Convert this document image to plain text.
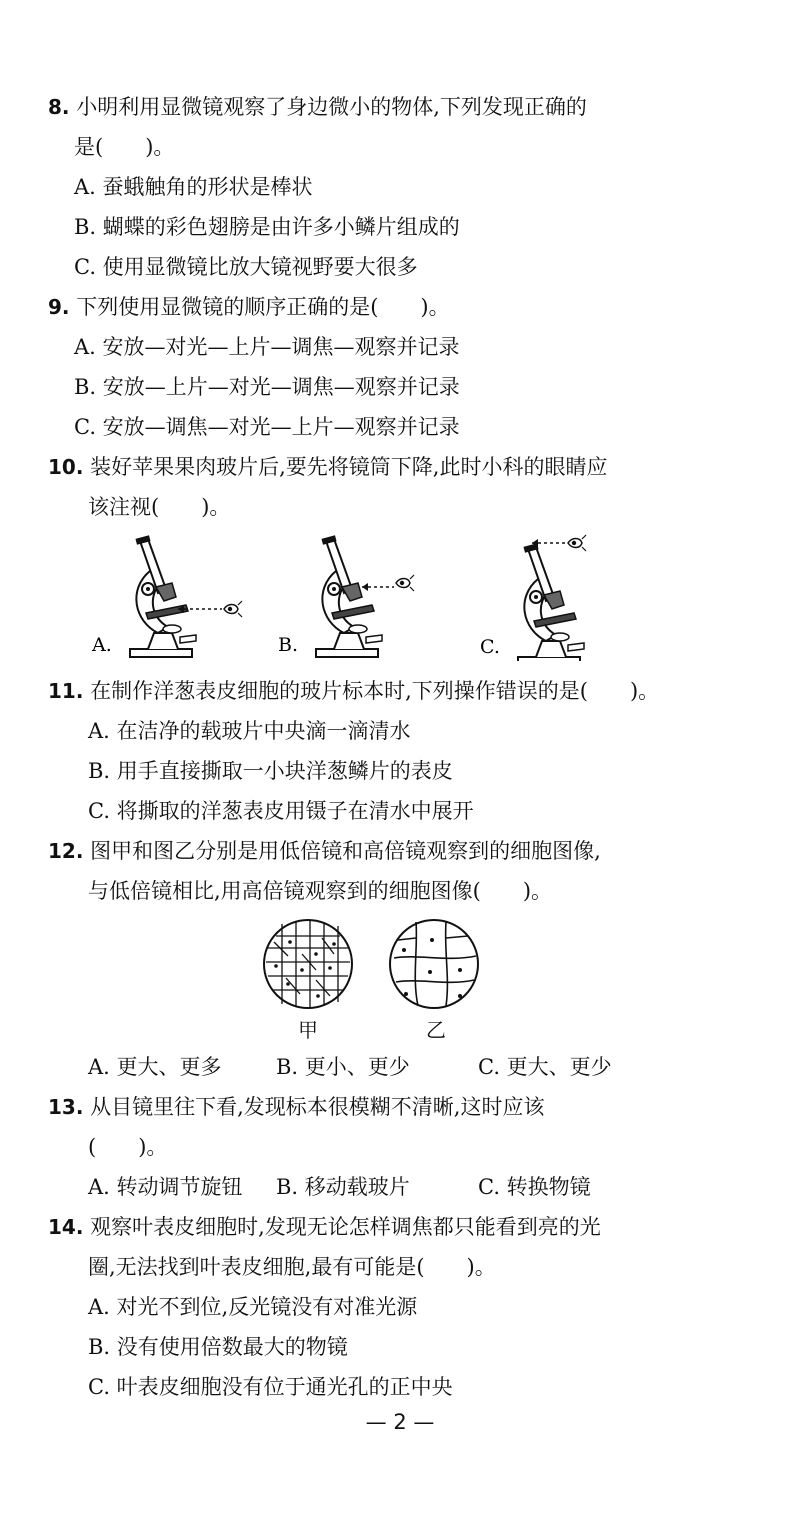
8. 小明利用显微镜观察了身边微小的物体,下列发现正确的
是(　　)。
A. 蚕蛾触角的形状是棒状
B. 蝴蝶的彩色翅膀是由许多小鳞片组成的
C. 使用显微镜比放大镜视野要大很多
9. 下列使用显微镜的顺序正确的是(　　)。
A. 安放—对光—上片—调焦—观察并记录
B. 安放—上片—对光—调焦—观察并记录
C. 安放—调焦—对光—上片—观察并记录
10. 装好苹果果肉玻片后,要先将镜筒下降,此时小科的眼睛应
该注视(　　)。
A.	B.	C.
11. 在制作洋葱表皮细胞的玻片标本时,下列操作错误的是(　　)。
A. 在洁净的载玻片中央滴一滴清水
B. 用手直接撕取一小块洋葱鳞片的表皮
C. 将撕取的洋葱表皮用镊子在清水中展开
12. 图甲和图乙分别是用低倍镜和高倍镜观察到的细胞图像,
与低倍镜相比,用高倍镜观察到的细胞图像(　　)。
甲	乙
A. 更大、更多	B. 更小、更少	C. 更大、更少
13. 从目镜里往下看,发现标本很模糊不清晰,这时应该
(　　)。
A. 转动调节旋钮 B. 移动载玻片	C. 转换物镜
14. 观察叶表皮细胞时,发现无论怎样调焦都只能看到亮的光
圈,无法找到叶表皮细胞,最有可能是(　　)。
A. 对光不到位,反光镜没有对准光源
B. 没有使用倍数最大的物镜
C. 叶表皮细胞没有位于通光孔的正中央
— 2 —
